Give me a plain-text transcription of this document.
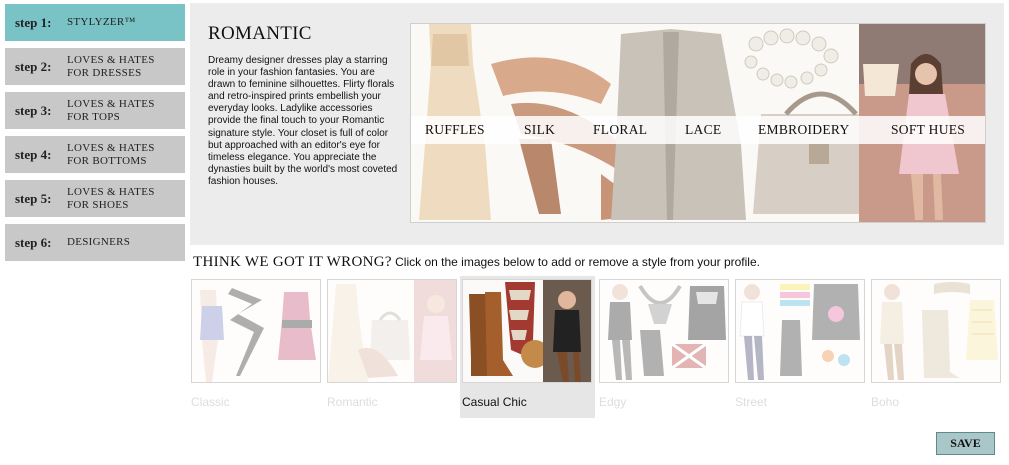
step 1:	STYLYZER™
step 2:	LOVES & HATES FOR DRESSES
step 3:	LOVES & HATES FOR TOPS
step 4:	LOVES & HATES FOR BOTTOMS
step 5:	LOVES & HATES FOR SHOES
step 6:	DESIGNERS
ROMANTIC

Dreamy designer dresses play a starring role in your fashion fantasies. You are drawn to feminine silhouettes. Flirty florals and retro-inspired prints embellish your everyday looks. Ladylike accessories provide the final touch to your Romantic signature style. Your closet is full of color but approached with an editor's eye for timeless elegance. You appreciate the dynasties built by the world's most coveted fashion houses.

RUFFLES	SILK	FLORAL	LACE	EMBROIDERY	SOFT HUES
THINK WE GOT IT WRONG? Click on the images below to add or remove a style from your profile.
Classic	Romantic	Casual Chic	Edgy	Street	Boho
SAVE
